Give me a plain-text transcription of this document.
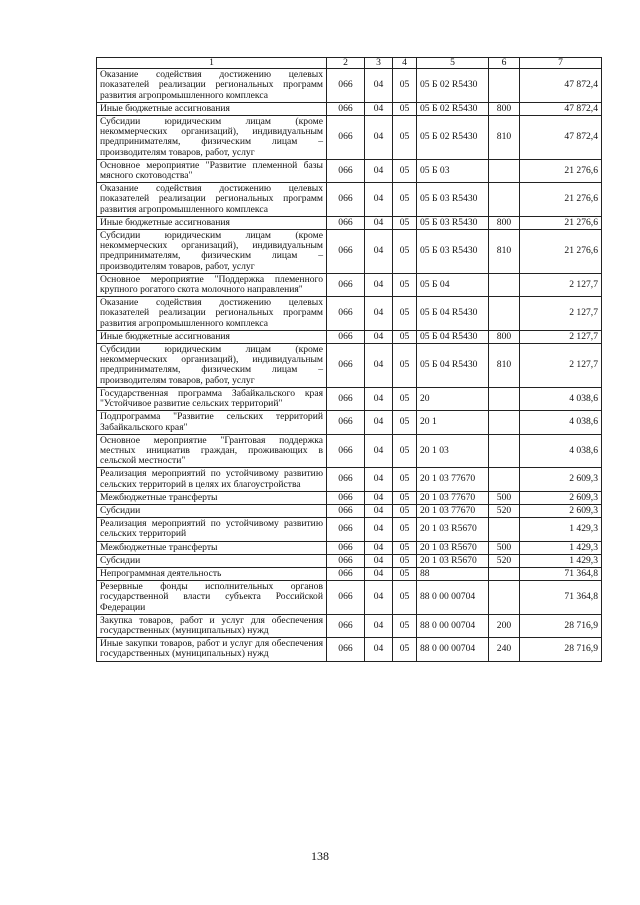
1	2	3	4	5	6	7
Оказание содействия достижению целевых показателей реализации региональных программ развития агропромышленного комплекса	066	04	05	05 Б 02 R5430		47 872,4
Иные бюджетные ассигнования	066	04	05	05 Б 02 R5430	800	47 872,4
Субсидии юридическим лицам (кроме некоммерческих организаций), индивидуальным предпринимателям, физическим лицам – производителям товаров, работ, услуг	066	04	05	05 Б 02 R5430	810	47 872,4
Основное мероприятие "Развитие племенной базы мясного скотоводства"	066	04	05	05 Б 03		21 276,6
Оказание содействия достижению целевых показателей реализации региональных программ развития агропромышленного комплекса	066	04	05	05 Б 03 R5430		21 276,6
Иные бюджетные ассигнования	066	04	05	05 Б 03 R5430	800	21 276,6
Субсидии юридическим лицам (кроме некоммерческих организаций), индивидуальным предпринимателям, физическим лицам – производителям товаров, работ, услуг	066	04	05	05 Б 03 R5430	810	21 276,6
Основное мероприятие "Поддержка племенного крупного рогатого скота молочного направления"	066	04	05	05 Б 04		2 127,7
Оказание содействия достижению целевых показателей реализации региональных программ развития агропромышленного комплекса	066	04	05	05 Б 04 R5430		2 127,7
Иные бюджетные ассигнования	066	04	05	05 Б 04 R5430	800	2 127,7
Субсидии юридическим лицам (кроме некоммерческих организаций), индивидуальным предпринимателям, физическим лицам – производителям товаров, работ, услуг	066	04	05	05 Б 04 R5430	810	2 127,7
Государственная программа Забайкальского края "Устойчивое развитие сельских территорий"	066	04	05	20		4 038,6
Подпрограмма "Развитие сельских территорий Забайкальского края"	066	04	05	20 1		4 038,6
Основное мероприятие "Грантовая поддержка местных инициатив граждан, проживающих в сельской местности"	066	04	05	20 1 03		4 038,6
Реализация мероприятий по устойчивому развитию сельских территорий в целях их благоустройства	066	04	05	20 1 03 77670		2 609,3
Межбюджетные трансферты	066	04	05	20 1 03 77670	500	2 609,3
Субсидии	066	04	05	20 1 03 77670	520	2 609,3
Реализация мероприятий по устойчивому развитию сельских территорий	066	04	05	20 1 03 R5670		1 429,3
Межбюджетные трансферты	066	04	05	20 1 03 R5670	500	1 429,3
Субсидии	066	04	05	20 1 03 R5670	520	1 429,3
Непрограммная деятельность	066	04	05	88		71 364,8
Резервные фонды исполнительных органов государственной власти субъекта Российской Федерации	066	04	05	88 0 00 00704		71 364,8
Закупка товаров, работ и услуг для обеспечения государственных (муниципальных) нужд	066	04	05	88 0 00 00704	200	28 716,9
Иные закупки товаров, работ и услуг для обеспечения государственных (муниципальных) нужд	066	04	05	88 0 00 00704	240	28 716,9
138
